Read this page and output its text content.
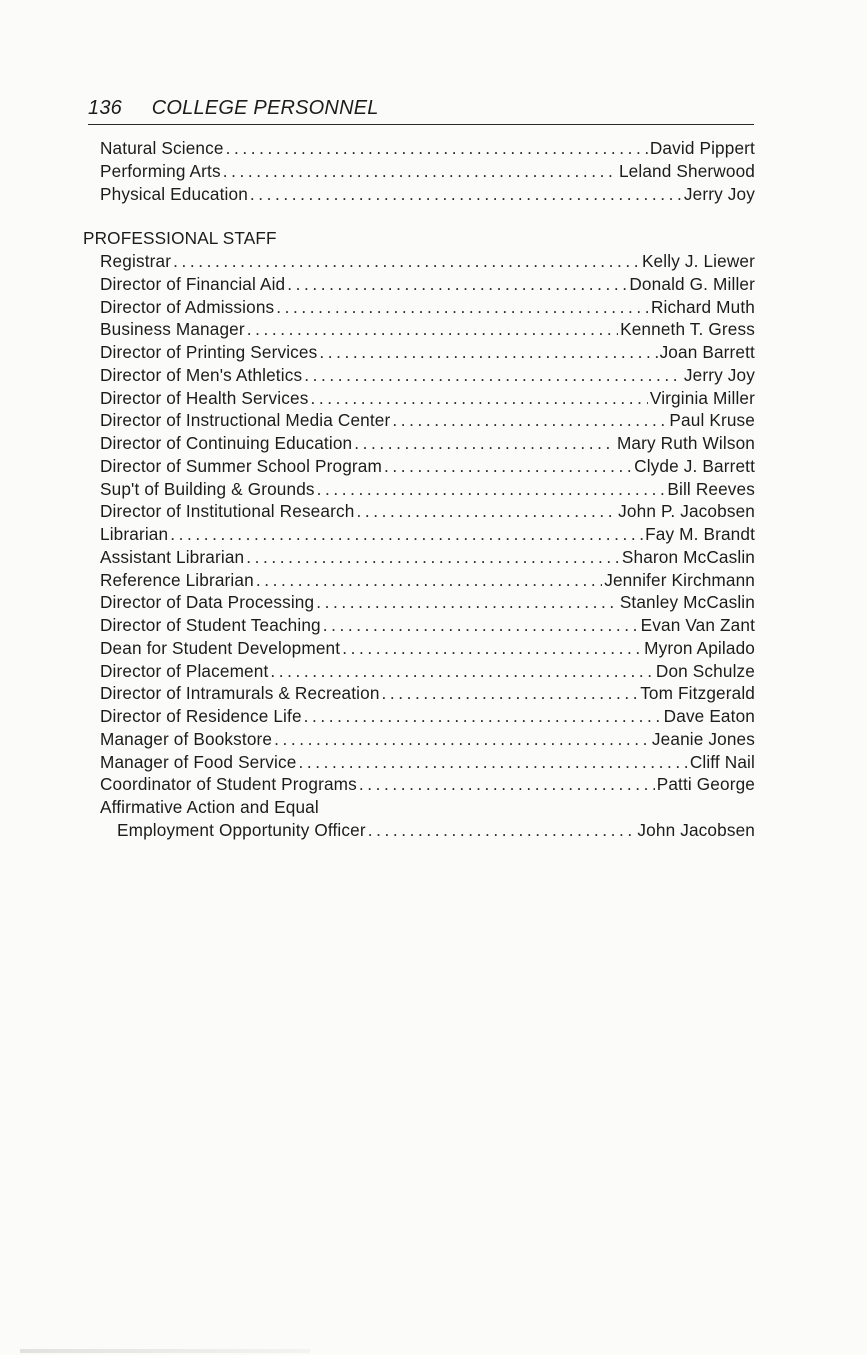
136 COLLEGE PERSONNEL
Natural Science .....	David Pippert
Performing Arts .....	Leland Sherwood
Physical Education .....	Jerry Joy
PROFESSIONAL STAFF
Registrar .....	Kelly J. Liewer
Director of Financial Aid .....	Donald G. Miller
Director of Admissions .....	Richard Muth
Business Manager .....	Kenneth T. Gress
Director of Printing Services .....	Joan Barrett
Director of Men's Athletics .....	Jerry Joy
Director of Health Services .....	Virginia Miller
Director of Instructional Media Center .....	Paul Kruse
Director of Continuing Education .....	Mary Ruth Wilson
Director of Summer School Program .....	Clyde J. Barrett
Sup't of Building & Grounds .....	Bill Reeves
Director of Institutional Research .....	John P. Jacobsen
Librarian .....	Fay M. Brandt
Assistant Librarian .....	Sharon McCaslin
Reference Librarian .....	Jennifer Kirchmann
Director of Data Processing .....	Stanley McCaslin
Director of Student Teaching .....	Evan Van Zant
Dean for Student Development .....	Myron Apilado
Director of Placement .....	Don Schulze
Director of Intramurals & Recreation .....	Tom Fitzgerald
Director of Residence Life .....	Dave Eaton
Manager of Bookstore .....	Jeanie Jones
Manager of Food Service .....	Cliff Nail
Coordinator of Student Programs .....	Patti George
Affirmative Action and Equal
Employment Opportunity Officer .....	John Jacobsen
